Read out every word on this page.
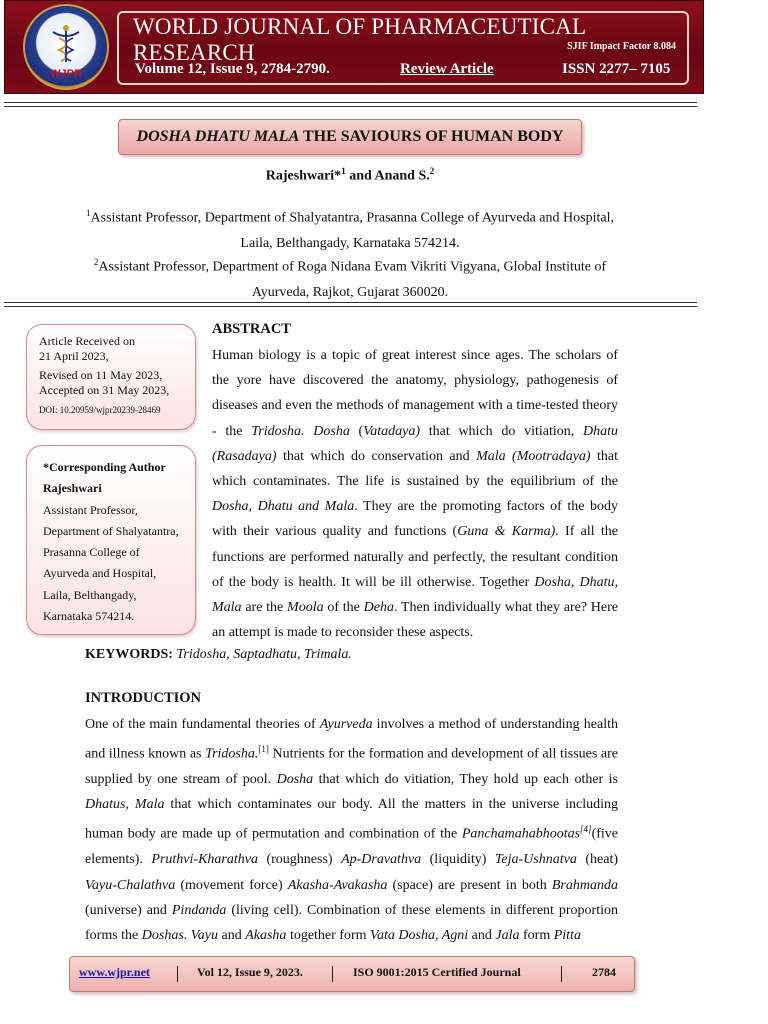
WJPR
WORLD JOURNAL OF PHARMACEUTICAL RESEARCH	SJIF Impact Factor 8.084
Volume 12, Issue 9, 2784-2790.	Review Article	ISSN 2277– 7105
DOSHA DHATU MALA THE SAVIOURS OF HUMAN BODY
Rajeshwari*$^1$ and Anand S.$^2$
$^1$Assistant Professor, Department of Shalyatantra, Prasanna College of Ayurveda and Hospital, Laila, Belthangady, Karnataka 574214.
$^2$Assistant Professor, Department of Roga Nidana Evam Vikriti Vigyana, Global Institute of Ayurveda, Rajkot, Gujarat 360020.
Article Received on
21 April 2023,
Revised on 11 May 2023,
Accepted on 31 May 2023,
DOI: 10.20959/wjpr20239-28469
*Corresponding Author
Rajeshwari
Assistant Professor,
Department of Shalyatantra,
Prasanna College of
Ayurveda and Hospital,
Laila, Belthangady,
Karnataka 574214.
ABSTRACT
Human biology is a topic of great interest since ages. The scholars of the yore have discovered the anatomy, physiology, pathogenesis of diseases and even the methods of management with a time-tested theory - the Tridosha. Dosha (Vatadaya) that which do vitiation, Dhatu (Rasadaya) that which do conservation and Mala (Mootradaya) that which contaminates. The life is sustained by the equilibrium of the Dosha, Dhatu and Mala. They are the promoting factors of the body with their various quality and functions (Guna & Karma). If all the functions are performed naturally and perfectly, the resultant condition of the body is health. It will be ill otherwise. Together Dosha, Dhatu, Mala are the Moola of the Deha. Then individually what they are? Here an attempt is made to reconsider these aspects.
KEYWORDS: Tridosha, Saptadhatu, Trimala.
INTRODUCTION
One of the main fundamental theories of Ayurveda involves a method of understanding health and illness known as Tridosha.[1] Nutrients for the formation and development of all tissues are supplied by one stream of pool. Dosha that which do vitiation, They hold up each other is Dhatus, Mala that which contaminates our body. All the matters in the universe including human body are made up of permutation and combination of the Panchamahabhootas[4](five elements). Pruthvi-Kharathva (roughness) Ap-Dravathva (liquidity) Teja-Ushnatva (heat) Vayu-Chalathva (movement force) Akasha-Avakasha (space) are present in both Brahmanda (universe) and Pindanda (living cell). Combination of these elements in different proportion forms the Doshas. Vayu and Akasha together form Vata Dosha, Agni and Jala form Pitta
www.wjpr.net	Vol 12, Issue 9, 2023.	ISO 9001:2015 Certified Journal	2784
